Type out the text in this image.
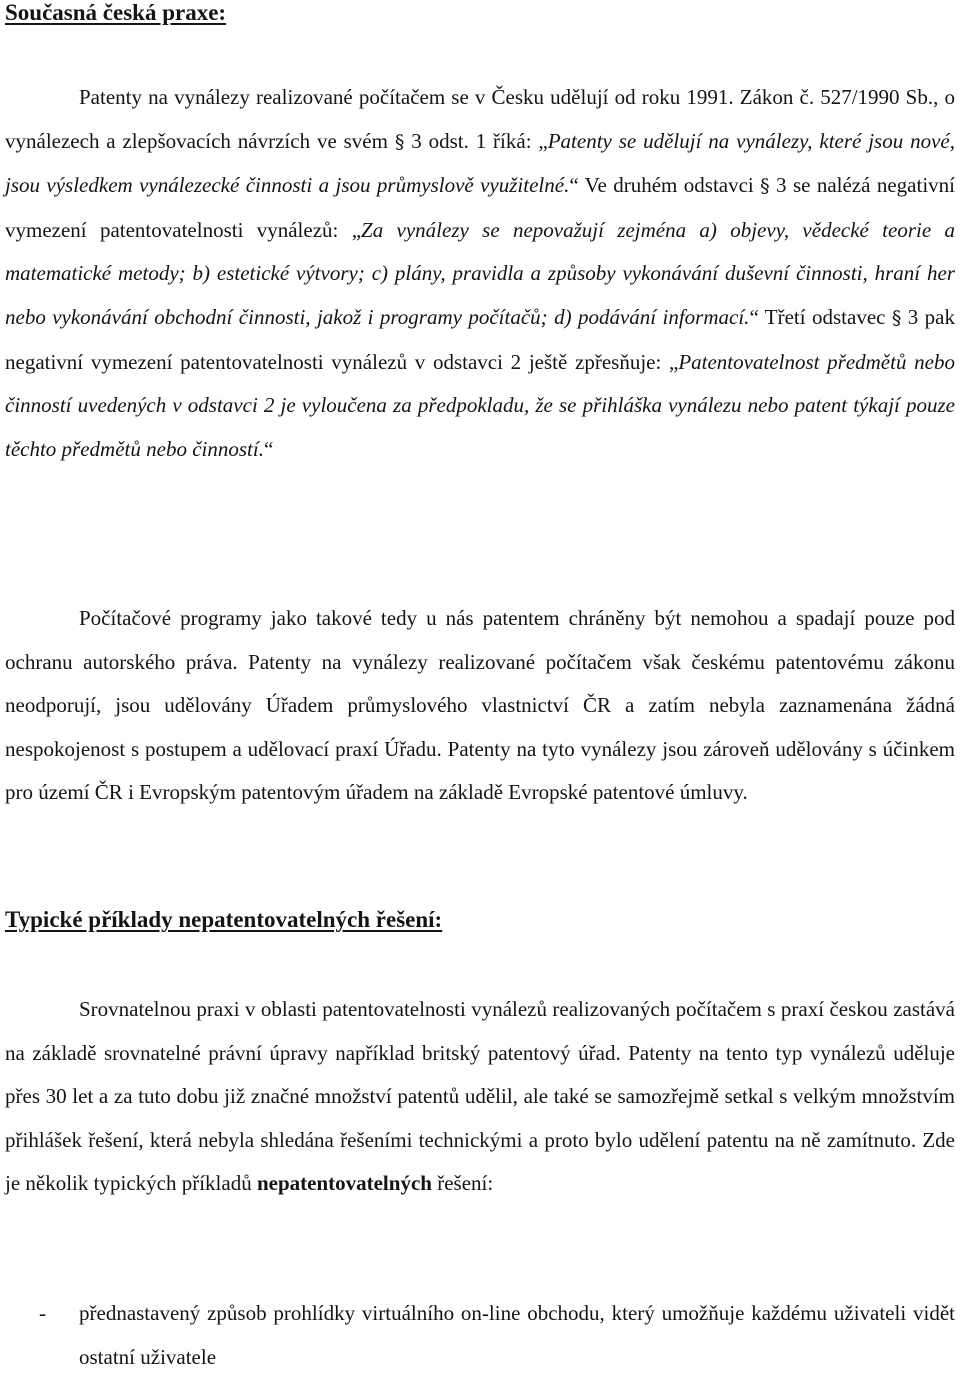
Současná česká praxe:

Patenty na vynálezy realizované počítačem se v Česku udělují od roku 1991. Zákon č. 527/1990 Sb., o vynálezech a zlepšovacích návrzích ve svém § 3 odst. 1 říká: „Patenty se udělují na vynálezy, které jsou nové, jsou výsledkem vynálezecké činnosti a jsou průmyslově využitelné.“ Ve druhém odstavci § 3 se nalézá negativní vymezení patentovatelnosti vynálezů: „Za vynálezy se nepovažují zejména a) objevy, vědecké teorie a matematické metody; b) estetické výtvory; c) plány, pravidla a způsoby vykonávání duševní činnosti, hraní her nebo vykonávání obchodní činnosti, jakož i programy počítačů; d) podávání informací.“ Třetí odstavec § 3 pak negativní vymezení patentovatelnosti vynálezů v odstavci 2 ještě zpřesňuje: „Patentovatelnost předmětů nebo činností uvedených v odstavci 2 je vyloučena za předpokladu, že se přihláška vynálezu nebo patent týkají pouze těchto předmětů nebo činností.“

Počítačové programy jako takové tedy u nás patentem chráněny být nemohou a spadají pouze pod ochranu autorského práva. Patenty na vynálezy realizované počítačem však českému patentovému zákonu neodporují, jsou udělovány Úřadem průmyslového vlastnictví ČR a zatím nebyla zaznamenána žádná nespokojenost s postupem a udělovací praxí Úřadu. Patenty na tyto vynálezy jsou zároveň udělovány s účinkem pro území ČR i Evropským patentovým úřadem na základě Evropské patentové úmluvy.

Typické příklady nepatentovatelných řešení:

Srovnatelnou praxi v oblasti patentovatelnosti vynálezů realizovaných počítačem s praxí českou zastává na základě srovnatelné právní úpravy například britský patentový úřad. Patenty na tento typ vynálezů uděluje přes 30 let a za tuto dobu již značné množství patentů udělil, ale také se samozřejmě setkal s velkým množstvím přihlášek řešení, která nebyla shledána řešeními technickými a proto bylo udělení patentu na ně zamítnuto. Zde je několik typických příkladů nepatentovatelných řešení:

- přednastavený způsob prohlídky virtuálního on-line obchodu, který umožňuje každému uživateli vidět ostatní uživatele
